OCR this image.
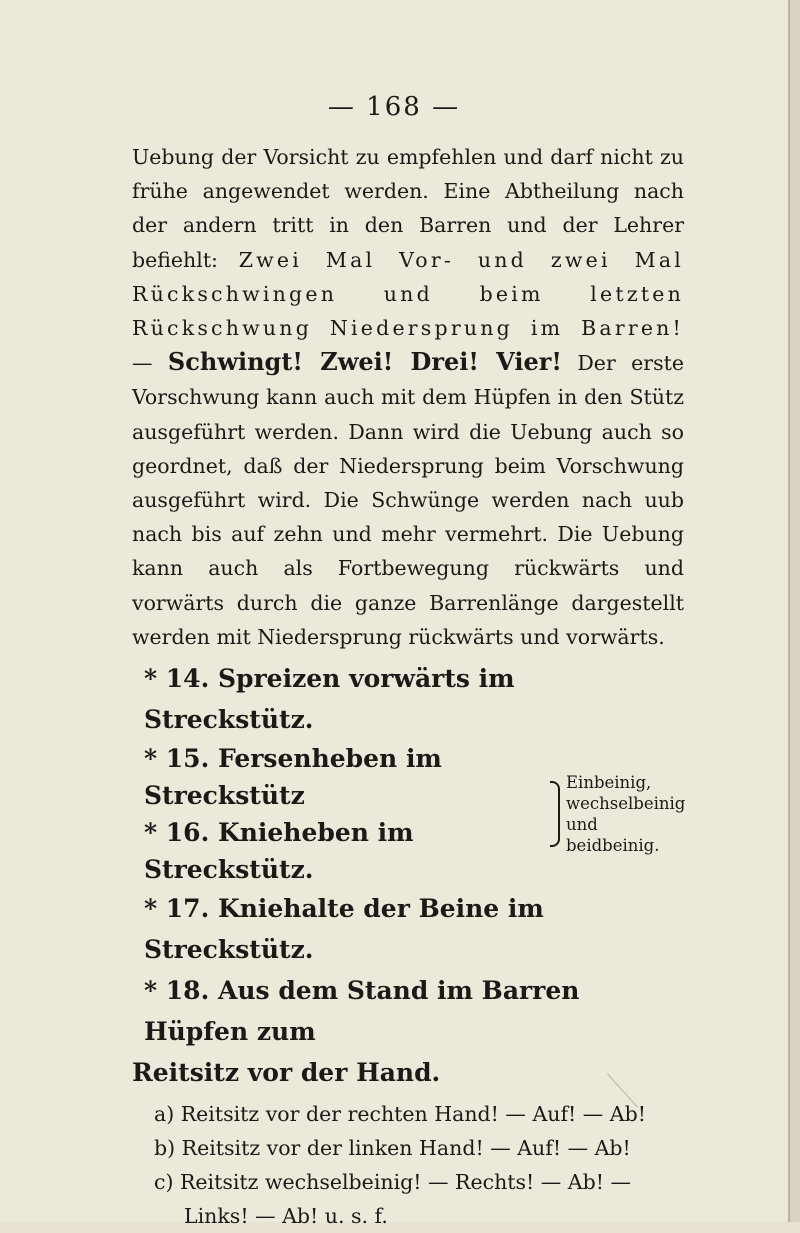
— 168 —

Uebung der Vorsicht zu empfehlen und darf nicht zu frühe angewendet werden. Eine Abtheilung nach der andern tritt in den Barren und der Lehrer befiehlt: Zwei Mal Vor- und zwei Mal Rückschwingen und beim letzten Rückschwung Niedersprung im Barren! — Schwingt! Zwei! Drei! Vier! Der erste Vorschwung kann auch mit dem Hüpfen in den Stütz ausgeführt werden. Dann wird die Uebung auch so geordnet, daß der Niedersprung beim Vorschwung ausgeführt wird. Die Schwünge werden nach uub nach bis auf zehn und mehr vermehrt. Die Uebung kann auch als Fortbewegung rückwärts und vorwärts durch die ganze Barrenlänge dargestellt werden mit Niedersprung rückwärts und vorwärts.

* 14. Spreizen vorwärts im Streckstütz.

* 15. Fersenheben im Streckstütz

* 16. Knieheben im Streckstütz.

Einbeinig, wechselbeinig und beidbeinig.

* 17. Kniehalte der Beine im Streckstütz.

* 18. Aus dem Stand im Barren Hüpfen zum

Reitsitz vor der Hand.

a) Reitsitz vor der rechten Hand! — Auf! — Ab!
b) Reitsitz vor der linken Hand! — Auf! — Ab!
c) Reitsitz wechselbeinig! — Rechts! — Ab! —
Links! — Ab! u. s. f.
